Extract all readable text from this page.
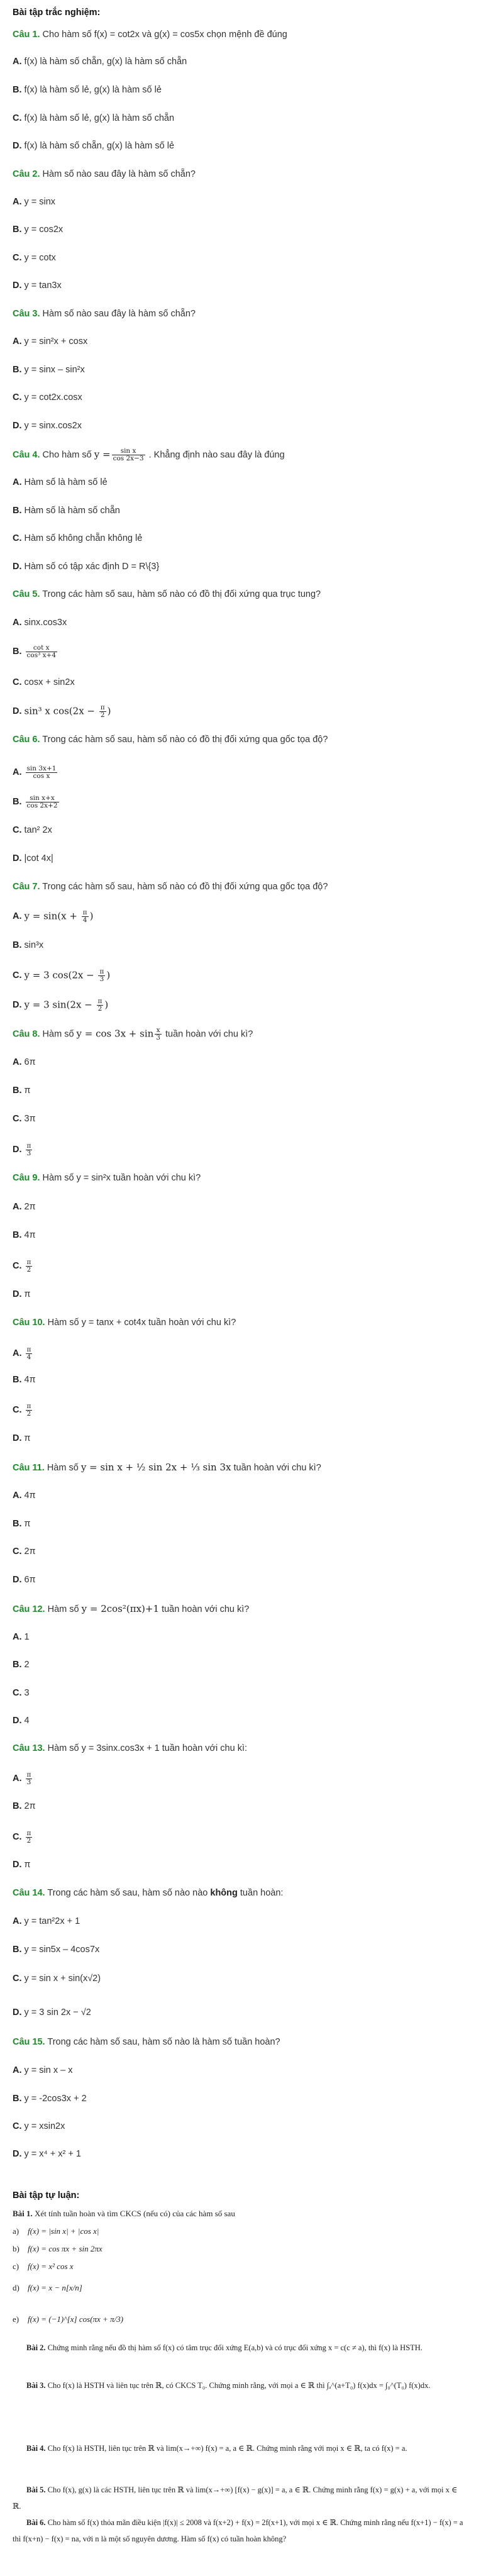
Bài tập trắc nghiệm:
Câu 1. Cho hàm số f(x) = cot2x và g(x) = cos5x chọn mệnh đề đúng
A. f(x) là hàm số chẵn, g(x) là hàm số chẵn
B. f(x) là hàm số lẻ, g(x) là hàm số lẻ
C. f(x) là hàm số lẻ, g(x) là hàm số chẵn
D. f(x) là hàm số chẵn, g(x) là hàm số lẻ
Câu 2. Hàm số nào sau đây là hàm số chẵn?
A. y = sinx
B. y = cos2x
C. y = cotx
D. y = tan3x
Câu 3. Hàm số nào sau đây là hàm số chẵn?
A. y = sin²x + cosx
B. y = sinx – sin²x
C. y = cot2x.cosx
D. y = sinx.cos2x
Câu 4. Cho hàm số $y = \frac{\text{sin x}}{\cos 2x-3}$ . Khẳng định nào sau đây là đúng
A. Hàm số là hàm số lẻ
B. Hàm số là hàm số chẵn
C. Hàm số không chẵn không lẻ
D. Hàm số có tập xác định D = R\{3}
Câu 5. Trong các hàm số sau, hàm số nào có đồ thị đối xứng qua trục tung?
A. sinx.cos3x
B. $\frac{\text{cot x}}{\text{cos³ x+4}}$
C. cosx + sin2x
D. sin³ x $\cos(2x - \frac{\pi}{2}$ )
Câu 6. Trong các hàm số sau, hàm số nào có đồ thị đối xứng qua gốc tọa độ?
A. $\frac{\sin 3x+1}{\text{cos x}}$
B. $\frac{\text{sin x+x}}{\cos 2x+2}$
C. tan² 2x
D. |cot 4x|
Câu 7. Trong các hàm số sau, hàm số nào có đồ thị đối xứng qua gốc tọa độ?
A. $y = \sin(x + \frac{\pi}{4}$ )
B. sin³x
C. y = 3 $\cos(2x - \frac{\pi}{3}$ )
D. y = 3 $\sin(2x - \frac{\pi}{2}$ )
Câu 8. Hàm số $y = \cos 3x + \sin \frac{x}{3}$ tuần hoàn với chu kì?
A. 6π
B. π
C. 3π
D. $\frac{\pi}{3}$
Câu 9. Hàm số y = sin²x tuần hoàn với chu kì?
A. 2π
B. 4π
C. $\frac{\pi}{2}$
D. π
Câu 10. Hàm số y = tanx + cot4x tuần hoàn với chu kì?
A. $\frac{\pi}{4}$
B. 4π
C. $\frac{\pi}{2}$
D. π
Câu 11. Hàm số y = sin x + ½ sin 2x + ⅓ sin 3x tuần hoàn với chu kì?
A. 4π
B. π
C. 2π
D. 6π
Câu 12. Hàm số y = 2cos²(πx)+1 tuần hoàn với chu kì?
A. 1
B. 2
C. 3
D. 4
Câu 13. Hàm số y = 3sinx.cos3x + 1 tuần hoàn với chu kì:
A. $\frac{\pi}{3}$
B. 2π
C. $\frac{\pi}{2}$
D. π
Câu 14. Trong các hàm số sau, hàm số nào nào không tuần hoàn:
A. y = tan²2x + 1
B. y = sin5x – 4cos7x
C. y = sin x + sin(x√2)
D. y = 3 sin 2x − √2
Câu 15. Trong các hàm số sau, hàm số nào là hàm số tuần hoàn?
A. y = sin x – x
B. y = -2cos3x + 2
C. y = xsin2x
D. y = x⁴ + x² + 1
Bài tập tự luận:
Bài 1. Xét tính tuần hoàn và tìm CKCS (nếu có) của các hàm số sau
a) f(x) = |sin x| + |cos x|
b) f(x) = cos πx + sin 2πx
c) f(x) = x² cos x
d) f(x) = x − n[x/n]
e) f(x) = (−1)^[x] cos(πx + π/3)
Bài 2. Chứng minh rằng nếu đồ thị hàm số f(x) có tâm trục đối xứng E(a,b) và có trục đối xứng x = c(c ≠ a), thì f(x) là HSTH.
Bài 3. Cho f(x) là HSTH và liên tục trên ℝ, có CKCS T₀. Chứng minh rằng, với mọi a ∈ ℝ thì ∫ₐ^(a+T₀) f(x)dx = ∫₀^(T₀) f(x)dx.
Bài 4. Cho f(x) là HSTH, liên tục trên ℝ và lim(x→+∞) f(x) = a, a ∈ ℝ. Chứng minh rằng với mọi x ∈ ℝ, ta có f(x) = a.
Bài 5. Cho f(x), g(x) là các HSTH, liên tục trên ℝ và lim(x→+∞) [f(x) − g(x)] = a, a ∈ ℝ. Chứng minh rằng f(x) = g(x) + a, với mọi x ∈ ℝ.
Bài 6. Cho hàm số f(x) thỏa mãn điều kiện |f(x)| ≤ 2008 và f(x+2) + f(x) = 2f(x+1), với mọi x ∈ ℝ. Chứng minh rằng nếu f(x+1) − f(x) = a thì f(x+n) − f(x) = na, với n là một số nguyên dương. Hàm số f(x) có tuần hoàn không?
